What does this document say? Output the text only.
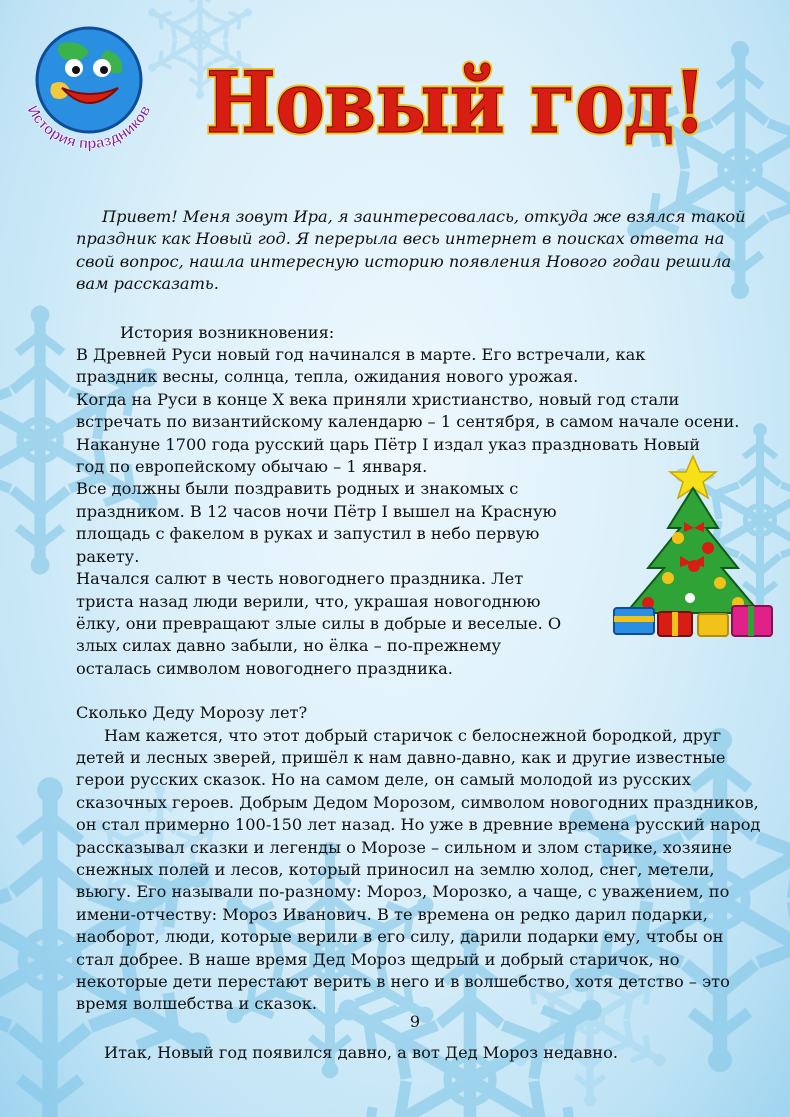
История праздников Новый год!
Новый год!

Привет! Меня зовут Ира, я заинтересовалась, откуда же взялся такой праздник как Новый год. Я перерыла весь интернет в поисках ответа на свой вопрос, нашла интересную историю появления Нового годаи решила вам рассказать.

История возникновения:

В Древней Руси новый год начинался в марте. Его встречали, как праздник весны, солнца, тепла, ожидания нового урожая.

Когда на Руси в конце X века приняли христианство, новый год стали встречать по византийскому календарю – 1 сентября, в самом начале осени.

Накануне 1700 года русский царь Пётр I издал указ праздновать Новый год по европейскому обычаю – 1 января.

Все должны были поздравить родных и знакомых с праздником. В 12 часов ночи Пётр I вышел на Красную площадь с факелом в руках и запустил в небо первую ракету.

Начался салют в честь новогоднего праздника. Лет триста назад люди верили, что, украшая новогоднюю ёлку, они превращают злые силы в добрые и веселые. О злых силах давно забыли, но ёлка – по-прежнему осталась символом новогоднего праздника.

Сколько Деду Морозу лет?

Нам кажется, что этот добрый старичок с белоснежной бородкой, друг детей и лесных зверей, пришёл к нам давно-давно, как и другие известные герои русских сказок. Но на самом деле, он самый молодой из русских сказочных героев. Добрым Дедом Морозом, символом новогодних праздников, он стал примерно 100-150 лет назад. Но уже в древние времена русский народ рассказывал сказки и легенды о Морозе – сильном и злом старике, хозяине снежных полей и лесов, который приносил на землю холод, снег, метели, вьюгу. Его называли по-разному: Мороз, Морозко, а чаще, с уважением, по имени-отчеству: Мороз Иванович. В те времена он редко дарил подарки, наоборот, люди, которые верили в его силу, дарили подарки ему, чтобы он стал добрее. В наше время Дед Мороз щедрый и добрый старичок, но некоторые дети перестают верить в него и в волшебство, хотя детство – это время волшебства и сказок.

Итак, Новый год появился давно, а вот Дед Мороз недавно.

9
